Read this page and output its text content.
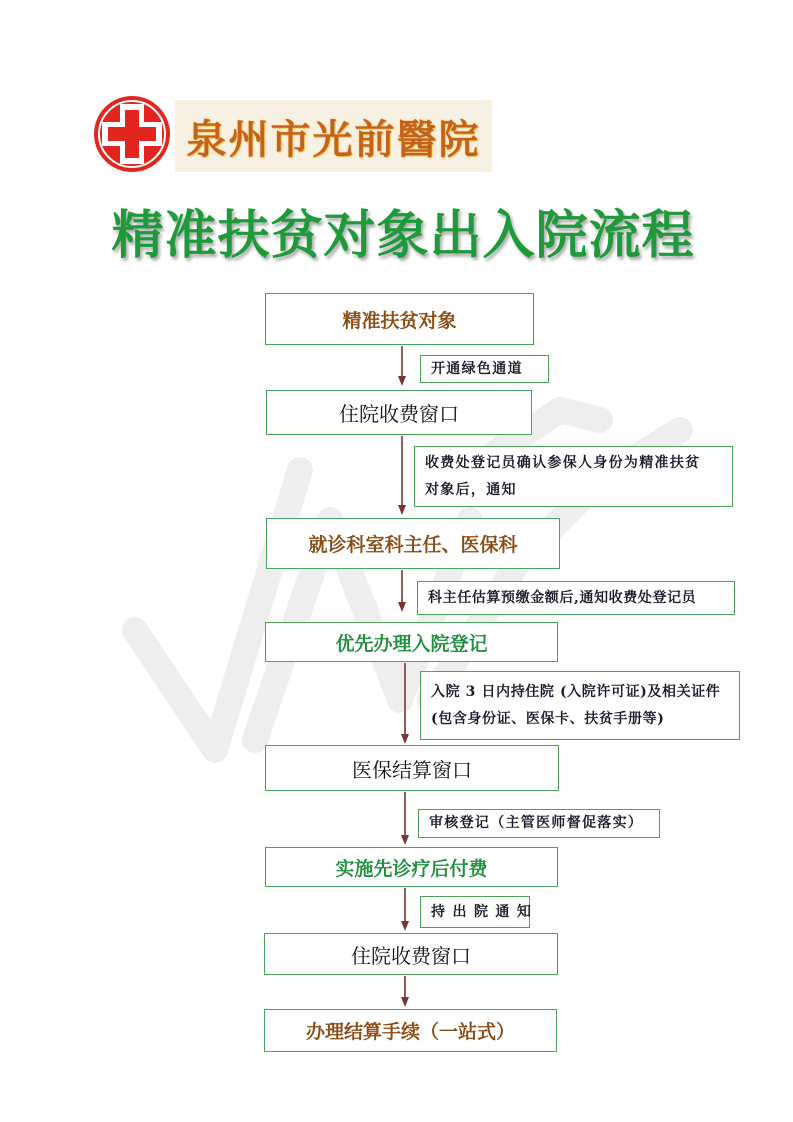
泉州市光前醫院
精准扶贫对象出入院流程
精准扶贫对象
住院收费窗口
就诊科室科主任、医保科
优先办理入院登记
医保结算窗口
实施先诊疗后付费
住院收费窗口
办理结算手续（一站式）
开通绿色通道
收费处登记员确认参保人身份为精准扶贫
对象后，通知
科主任估算预缴金额后,通知收费处登记员
入院 3 日内持住院 (入院许可证)及相关证件
(包含身份证、医保卡、扶贫手册等)
审核登记（主管医师督促落实）
持 出 院 通 知
